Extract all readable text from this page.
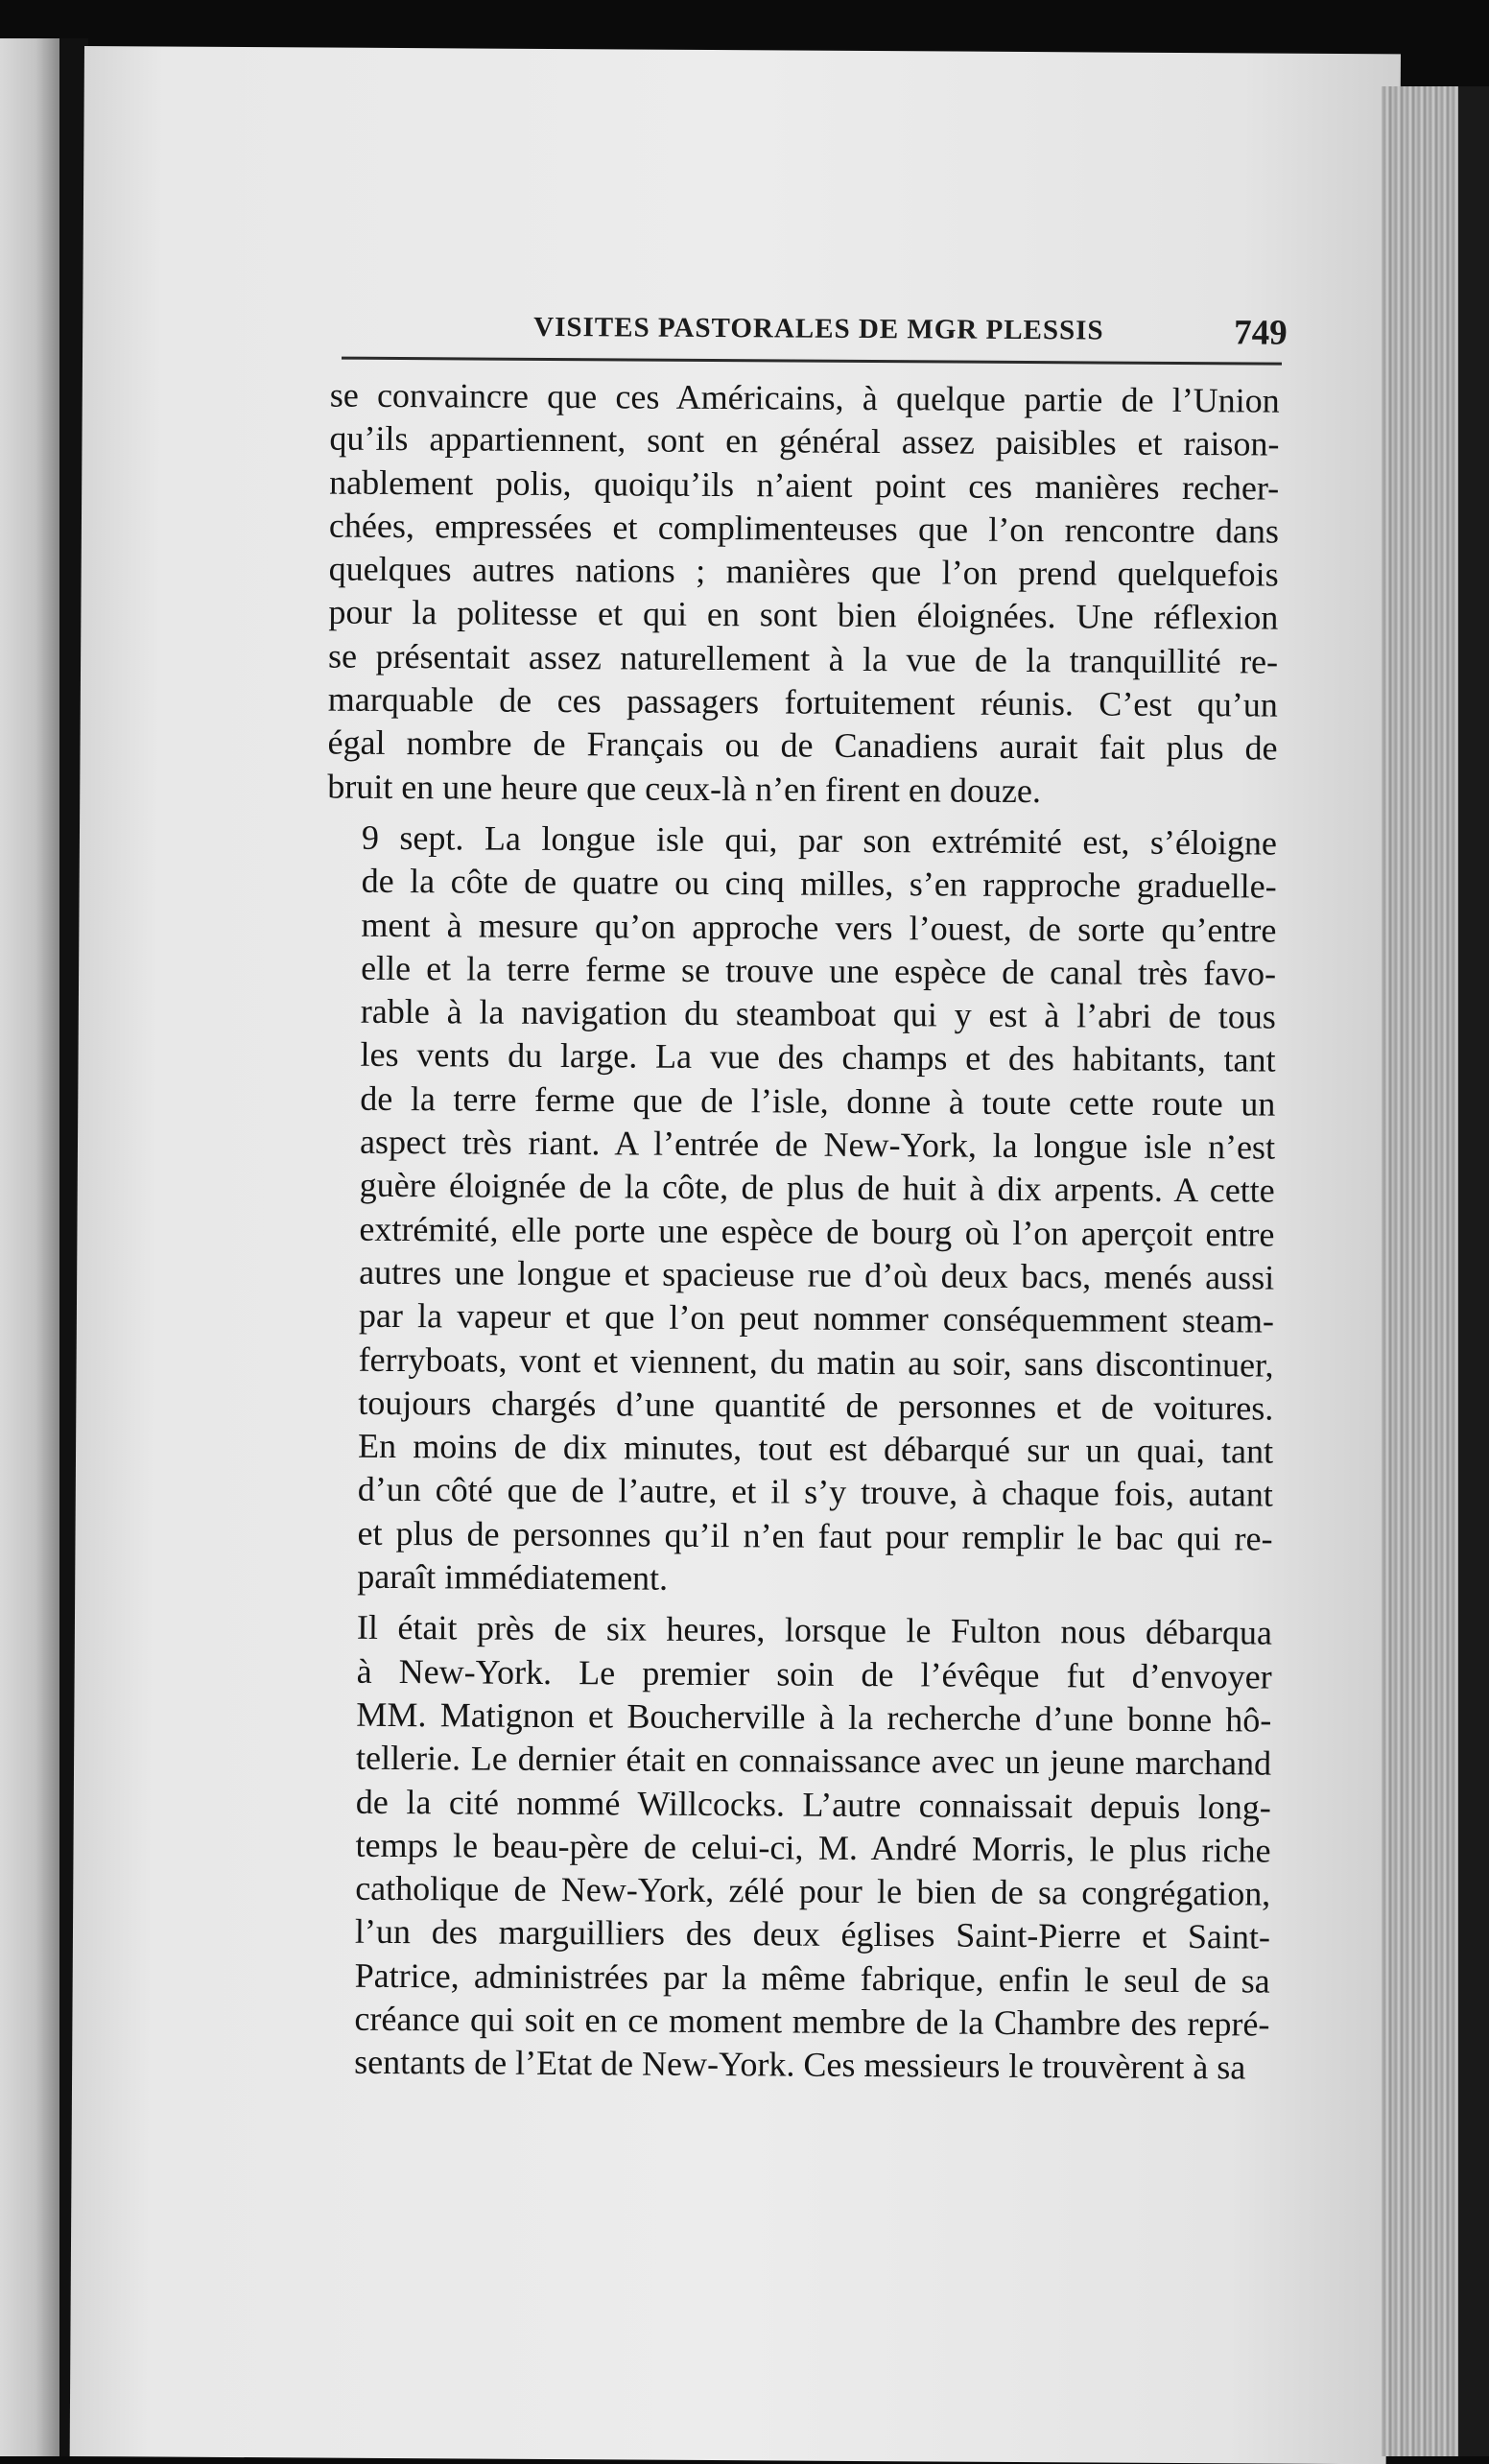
VISITES PASTORALES DE MGR PLESSIS	749
se convaincre que ces Américains, à quelque partie de l’Union
qu’ils appartiennent, sont en général assez paisibles et raison-
nablement polis, quoiqu’ils n’aient point ces manières recher-
chées, empressées et complimenteuses que l’on rencontre dans
quelques autres nations ; manières que l’on prend quelquefois
pour la politesse et qui en sont bien éloignées. Une réflexion
se présentait assez naturellement à la vue de la tranquillité re-
marquable de ces passagers fortuitement réunis. C’est qu’un
égal nombre de Français ou de Canadiens aurait fait plus de
bruit en une heure que ceux-là n’en firent en douze.
9 sept. La longue isle qui, par son extrémité est, s’éloigne
de la côte de quatre ou cinq milles, s’en rapproche graduelle-
ment à mesure qu’on approche vers l’ouest, de sorte qu’entre
elle et la terre ferme se trouve une espèce de canal très favo-
rable à la navigation du steamboat qui y est à l’abri de tous
les vents du large. La vue des champs et des habitants, tant
de la terre ferme que de l’isle, donne à toute cette route un
aspect très riant. A l’entrée de New-York, la longue isle n’est
guère éloignée de la côte, de plus de huit à dix arpents. A cette
extrémité, elle porte une espèce de bourg où l’on aperçoit entre
autres une longue et spacieuse rue d’où deux bacs, menés aussi
par la vapeur et que l’on peut nommer conséquemment steam-
ferryboats, vont et viennent, du matin au soir, sans discontinuer,
toujours chargés d’une quantité de personnes et de voitures.
En moins de dix minutes, tout est débarqué sur un quai, tant
d’un côté que de l’autre, et il s’y trouve, à chaque fois, autant
et plus de personnes qu’il n’en faut pour remplir le bac qui re-
paraît immédiatement.
Il était près de six heures, lorsque le Fulton nous débarqua
à New-York. Le premier soin de l’évêque fut d’envoyer
MM. Matignon et Boucherville à la recherche d’une bonne hô-
tellerie. Le dernier était en connaissance avec un jeune marchand
de la cité nommé Willcocks. L’autre connaissait depuis long-
temps le beau-père de celui-ci, M. André Morris, le plus riche
catholique de New-York, zélé pour le bien de sa congrégation,
l’un des marguilliers des deux églises Saint-Pierre et Saint-
Patrice, administrées par la même fabrique, enfin le seul de sa
créance qui soit en ce moment membre de la Chambre des repré-
sentants de l’Etat de New-York. Ces messieurs le trouvèrent à sa
